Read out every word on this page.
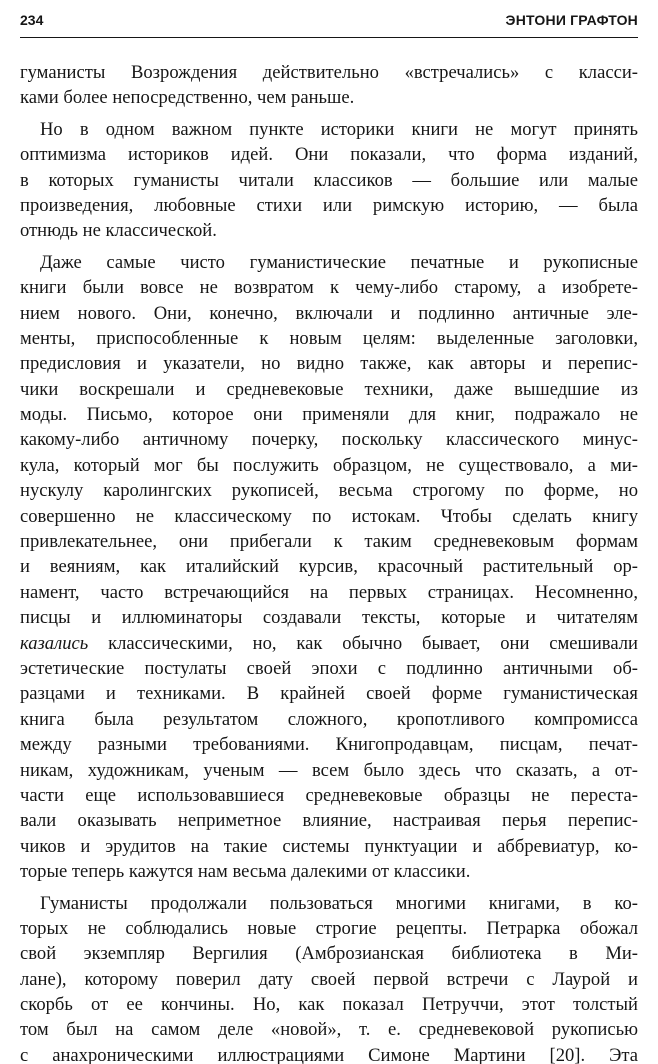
234	ЭНТОНИ ГРАФТОН

гуманисты Возрождения действительно «встречались» с класси-
ками более непосредственно, чем раньше.

Но в одном важном пункте историки книги не могут принять
оптимизма историков идей. Они показали, что форма изданий,
в которых гуманисты читали классиков — большие или малые
произведения, любовные стихи или римскую историю, — была
отнюдь не классической.

Даже самые чисто гуманистические печатные и рукописные
книги были вовсе не возвратом к чему-либо старому, а изобрете-
нием нового. Они, конечно, включали и подлинно античные эле-
менты, приспособленные к новым целям: выделенные заголовки,
предисловия и указатели, но видно также, как авторы и перепис-
чики воскрешали и средневековые техники, даже вышедшие из
моды. Письмо, которое они применяли для книг, подражало не
какому-либо античному почерку, поскольку классического минус-
кула, который мог бы послужить образцом, не существовало, а ми-
нускулу каролингских рукописей, весьма строгому по форме, но
совершенно не классическому по истокам. Чтобы сделать книгу
привлекательнее, они прибегали к таким средневековым формам
и веяниям, как италийский курсив, красочный растительный ор-
намент, часто встречающийся на первых страницах. Несомненно,
писцы и иллюминаторы создавали тексты, которые и читателям
казались классическими, но, как обычно бывает, они смешивали
эстетические постулаты своей эпохи с подлинно античными об-
разцами и техниками. В крайней своей форме гуманистическая
книга была результатом сложного, кропотливого компромисса
между разными требованиями. Книгопродавцам, писцам, печат-
никам, художникам, ученым — всем было здесь что сказать, а от-
части еще использовавшиеся средневековые образцы не переста-
вали оказывать неприметное влияние, настраивая перья перепис-
чиков и эрудитов на такие системы пунктуации и аббревиатур, ко-
торые теперь кажутся нам весьма далекими от классики.

Гуманисты продолжали пользоваться многими книгами, в ко-
торых не соблюдались новые строгие рецепты. Петрарка обожал
свой экземпляр Вергилия (Амброзианская библиотека в Ми-
лане), которому поверил дату своей первой встречи с Лаурой и
скорбь от ее кончины. Но, как показал Петруччи, этот толстый
том был на самом деле «новой», т. е. средневековой рукописью
с анахроническими иллюстрациями Симоне Мартини [20]. Эта
